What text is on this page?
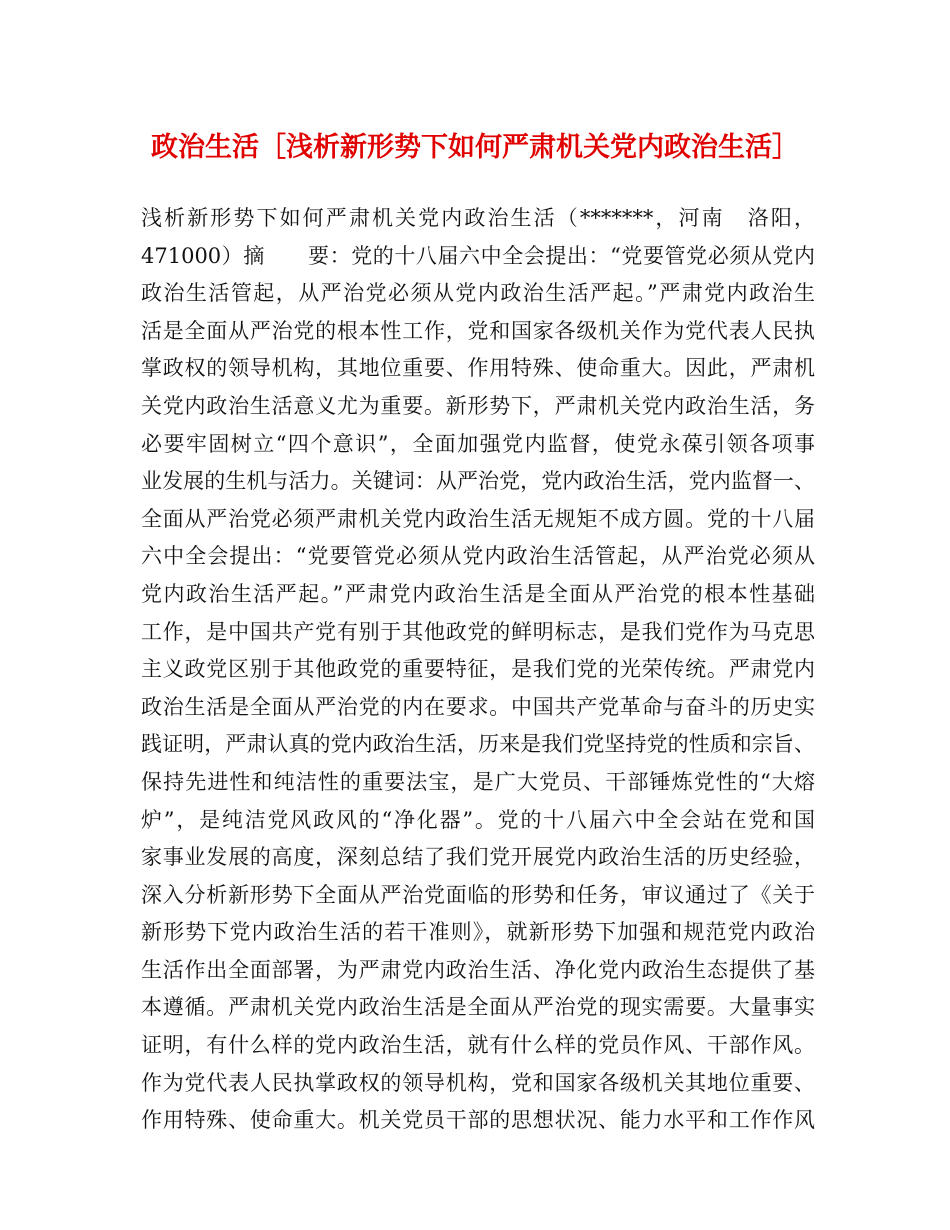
政治生活［浅析新形势下如何严肃机关党内政治生活］
浅析新形势下如何严肃机关党内政治生活（*******，河南　洛阳，
471000）摘　　要：党的十八届六中全会提出：“党要管党必须从党内
政治生活管起，从严治党必须从党内政治生活严起。”严肃党内政治生
活是全面从严治党的根本性工作，党和国家各级机关作为党代表人民执
掌政权的领导机构，其地位重要、作用特殊、使命重大。因此，严肃机
关党内政治生活意义尤为重要。新形势下，严肃机关党内政治生活，务
必要牢固树立“四个意识”，全面加强党内监督，使党永葆引领各项事
业发展的生机与活力。关键词：从严治党，党内政治生活，党内监督一、
全面从严治党必须严肃机关党内政治生活无规矩不成方圆。党的十八届
六中全会提出：“党要管党必须从党内政治生活管起，从严治党必须从
党内政治生活严起。”严肃党内政治生活是全面从严治党的根本性基础
工作，是中国共产党有别于其他政党的鲜明标志，是我们党作为马克思
主义政党区别于其他政党的重要特征，是我们党的光荣传统。严肃党内
政治生活是全面从严治党的内在要求。中国共产党革命与奋斗的历史实
践证明，严肃认真的党内政治生活，历来是我们党坚持党的性质和宗旨、
保持先进性和纯洁性的重要法宝，是广大党员、干部锤炼党性的“大熔
炉”，是纯洁党风政风的“净化器”。党的十八届六中全会站在党和国
家事业发展的高度，深刻总结了我们党开展党内政治生活的历史经验，
深入分析新形势下全面从严治党面临的形势和任务，审议通过了《关于
新形势下党内政治生活的若干准则》，就新形势下加强和规范党内政治
生活作出全面部署，为严肃党内政治生活、净化党内政治生态提供了基
本遵循。严肃机关党内政治生活是全面从严治党的现实需要。大量事实
证明，有什么样的党内政治生活，就有什么样的党员作风、干部作风。
作为党代表人民执掌政权的领导机构，党和国家各级机关其地位重要、
作用特殊、使命重大。机关党员干部的思想状况、能力水平和工作作风
